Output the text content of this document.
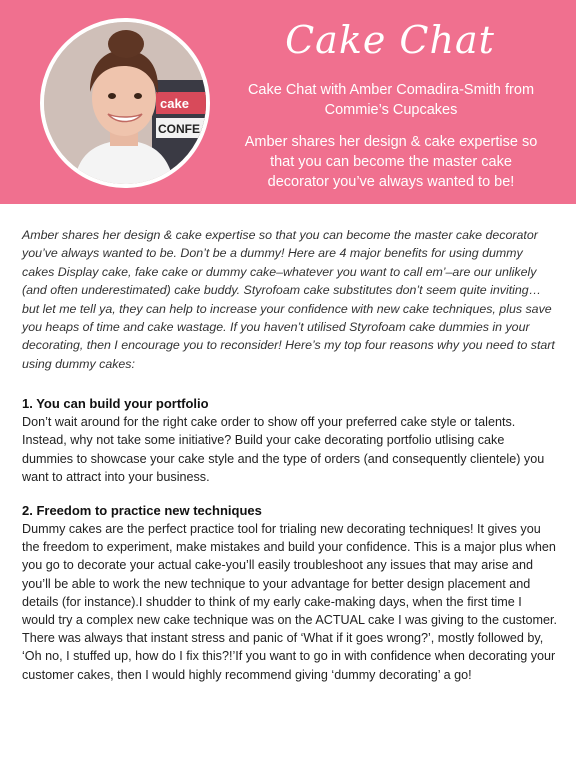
cake
CONFE
Cake Chat
Cake Chat with Amber Comadira-Smith from Commie’s Cupcakes
Amber shares her design & cake expertise so that you can become the master cake decorator you’ve always wanted to be!

Amber shares her design & cake expertise so that you can become the master cake decorator you’ve always wanted to be. Don’t be a dummy! Here are 4 major benefits for using dummy cakes Display cake, fake cake or dummy cake–whatever you want to call em’–are our unlikely (and often underestimated) cake buddy. Styrofoam cake substitutes don’t seem quite inviting…but let me tell ya, they can help to increase your confidence with new cake techniques, plus save you heaps of time and cake wastage. If you haven’t utilised Styrofoam cake dummies in your decorating, then I encourage you to reconsider! Here’s my top four reasons why you need to start using dummy cakes:

1. You can build your portfolio

Don’t wait around for the right cake order to show off your preferred cake style or talents. Instead, why not take some initiative? Build your cake decorating portfolio utlising cake dummies to showcase your cake style and the type of orders (and consequently clientele) you want to attract into your business.

2. Freedom to practice new techniques

Dummy cakes are the perfect practice tool for trialing new decorating techniques! It gives you the freedom to experiment, make mistakes and build your confidence. This is a major plus when you go to decorate your actual cake-you’ll easily troubleshoot any issues that may arise and you’ll be able to work the new technique to your advantage for better design placement and details (for instance).I shudder to think of my early cake-making days, when the first time I would try a complex new cake technique was on the ACTUAL cake I was giving to the customer. There was always that instant stress and panic of ‘What if it goes wrong?’, mostly followed by, ‘Oh no, I stuffed up, how do I fix this?!’If you want to go in with confidence when decorating your customer cakes, then I would highly recommend giving ‘dummy decorating’ a go!
